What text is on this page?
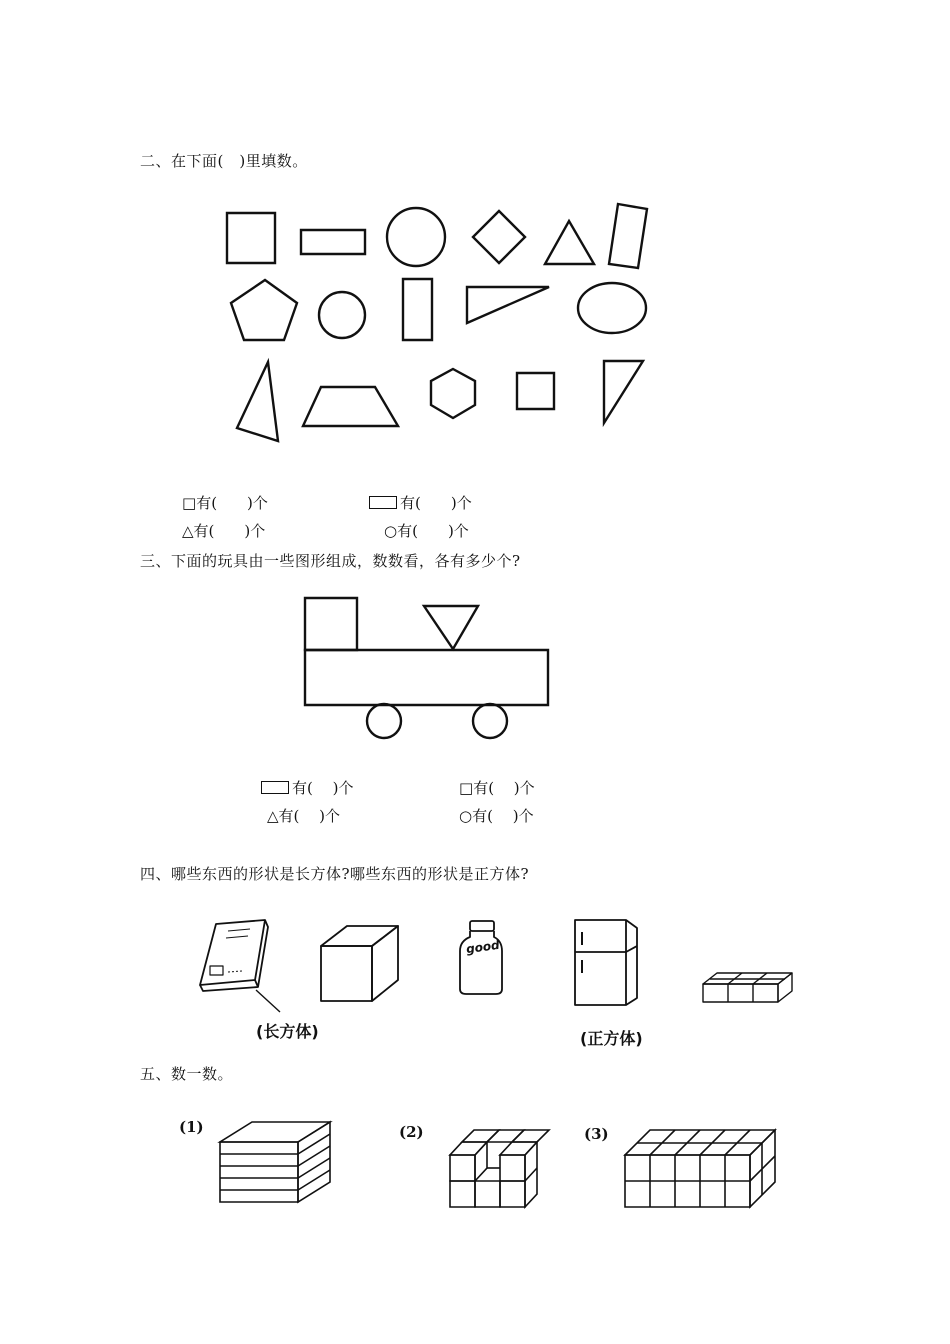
二、在下面(　)里填数。
□ 有(　　)个	有(　　)个
△ 有(　　)个	○ 有(　　)个
三、下面的玩具由一些图形组成，数数看，各有多少个?
有(　 )个	□ 有(　 )个
△ 有(　 )个	○ 有(　 )个
四、哪些东西的形状是长方体?哪些东西的形状是正方体?
good
(长方体)	(正方体)
五、数一数。
(1)	(2)	(3)
